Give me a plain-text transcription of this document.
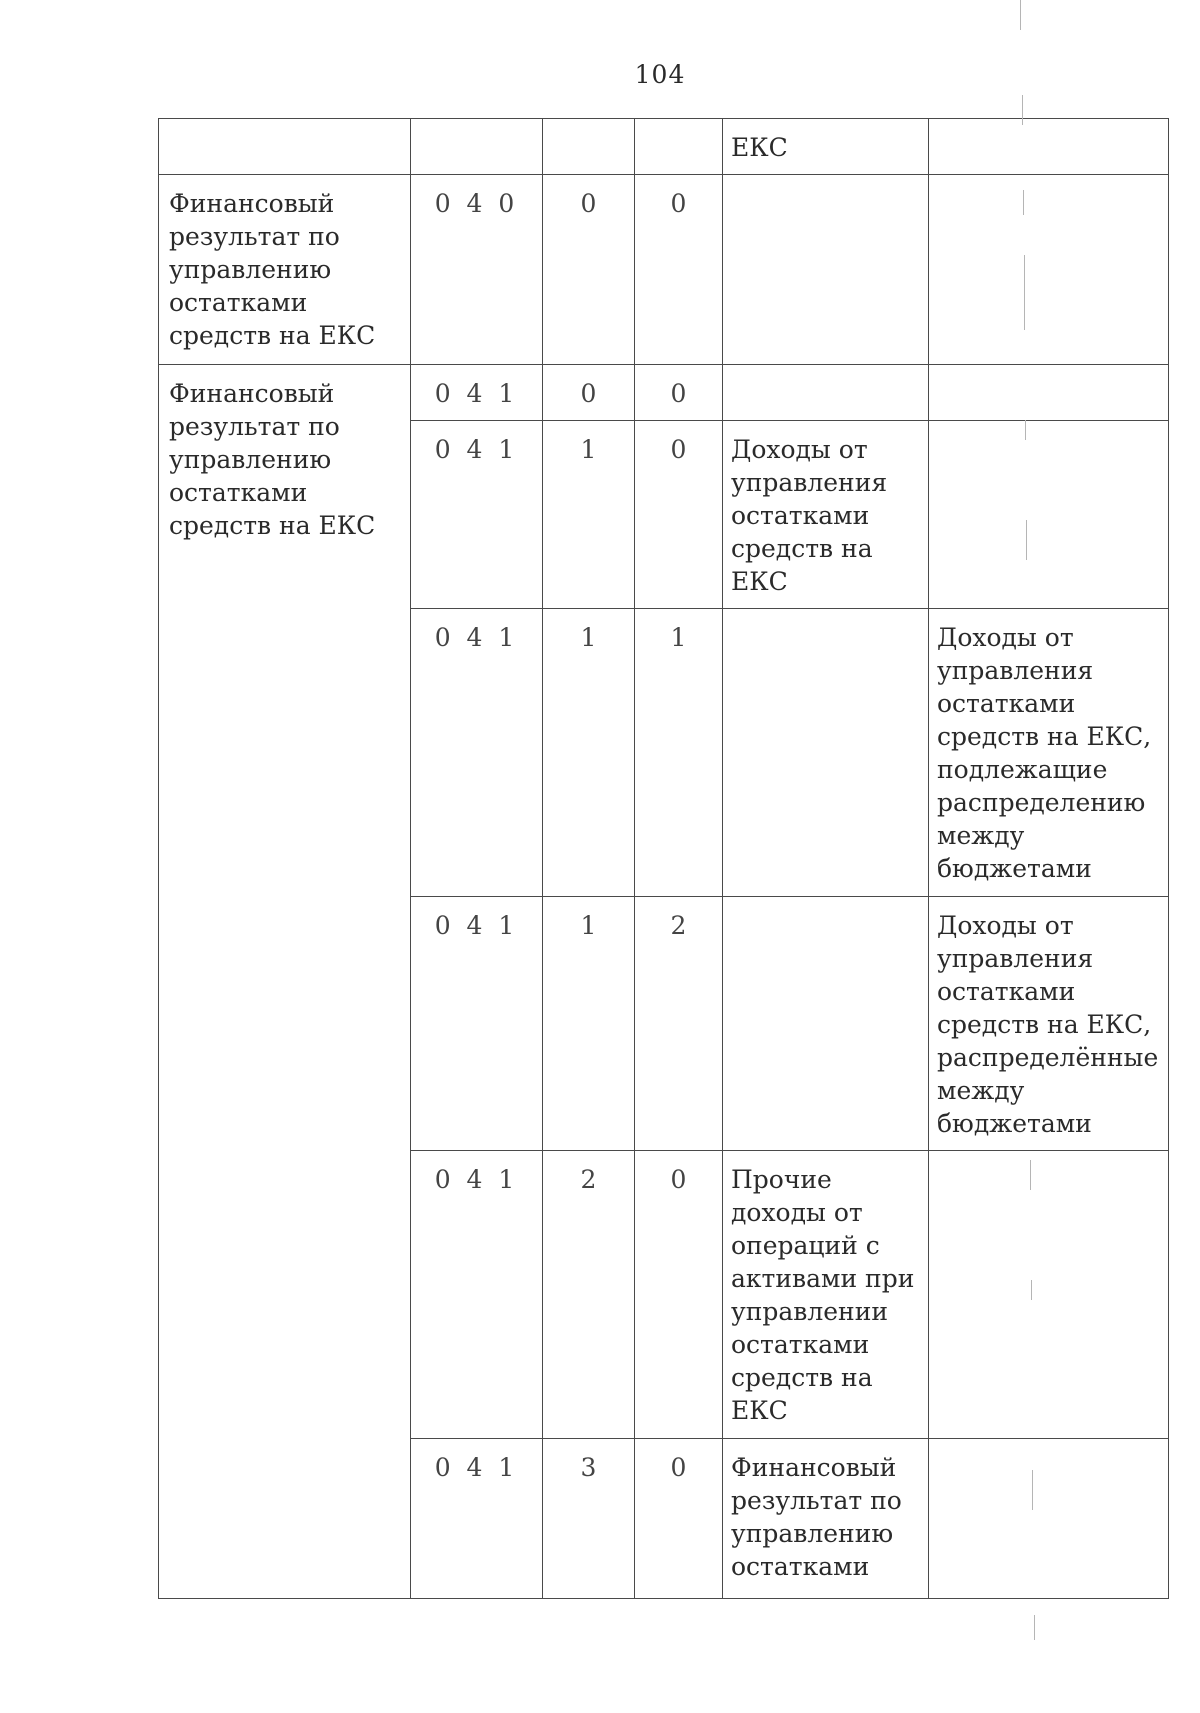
104
				ЕКС	
Финансовый результат по управлению остатками средств на ЕКС	0 4 0	0	0		
Финансовый результат по управлению остатками средств на ЕКС	0 4 1	0	0		
	0 4 1	1	0	Доходы от управления остатками средств на ЕКС	
	0 4 1	1	1		Доходы от управления остатками средств на ЕКС, подлежащие распределению между бюджетами
	0 4 1	1	2		Доходы от управления остатками средств на ЕКС, распределённые между бюджетами
	0 4 1	2	0	Прочие доходы от операций с активами при управлении остатками средств на ЕКС	
	0 4 1	3	0	Финансовый результат по управлению остатками	
